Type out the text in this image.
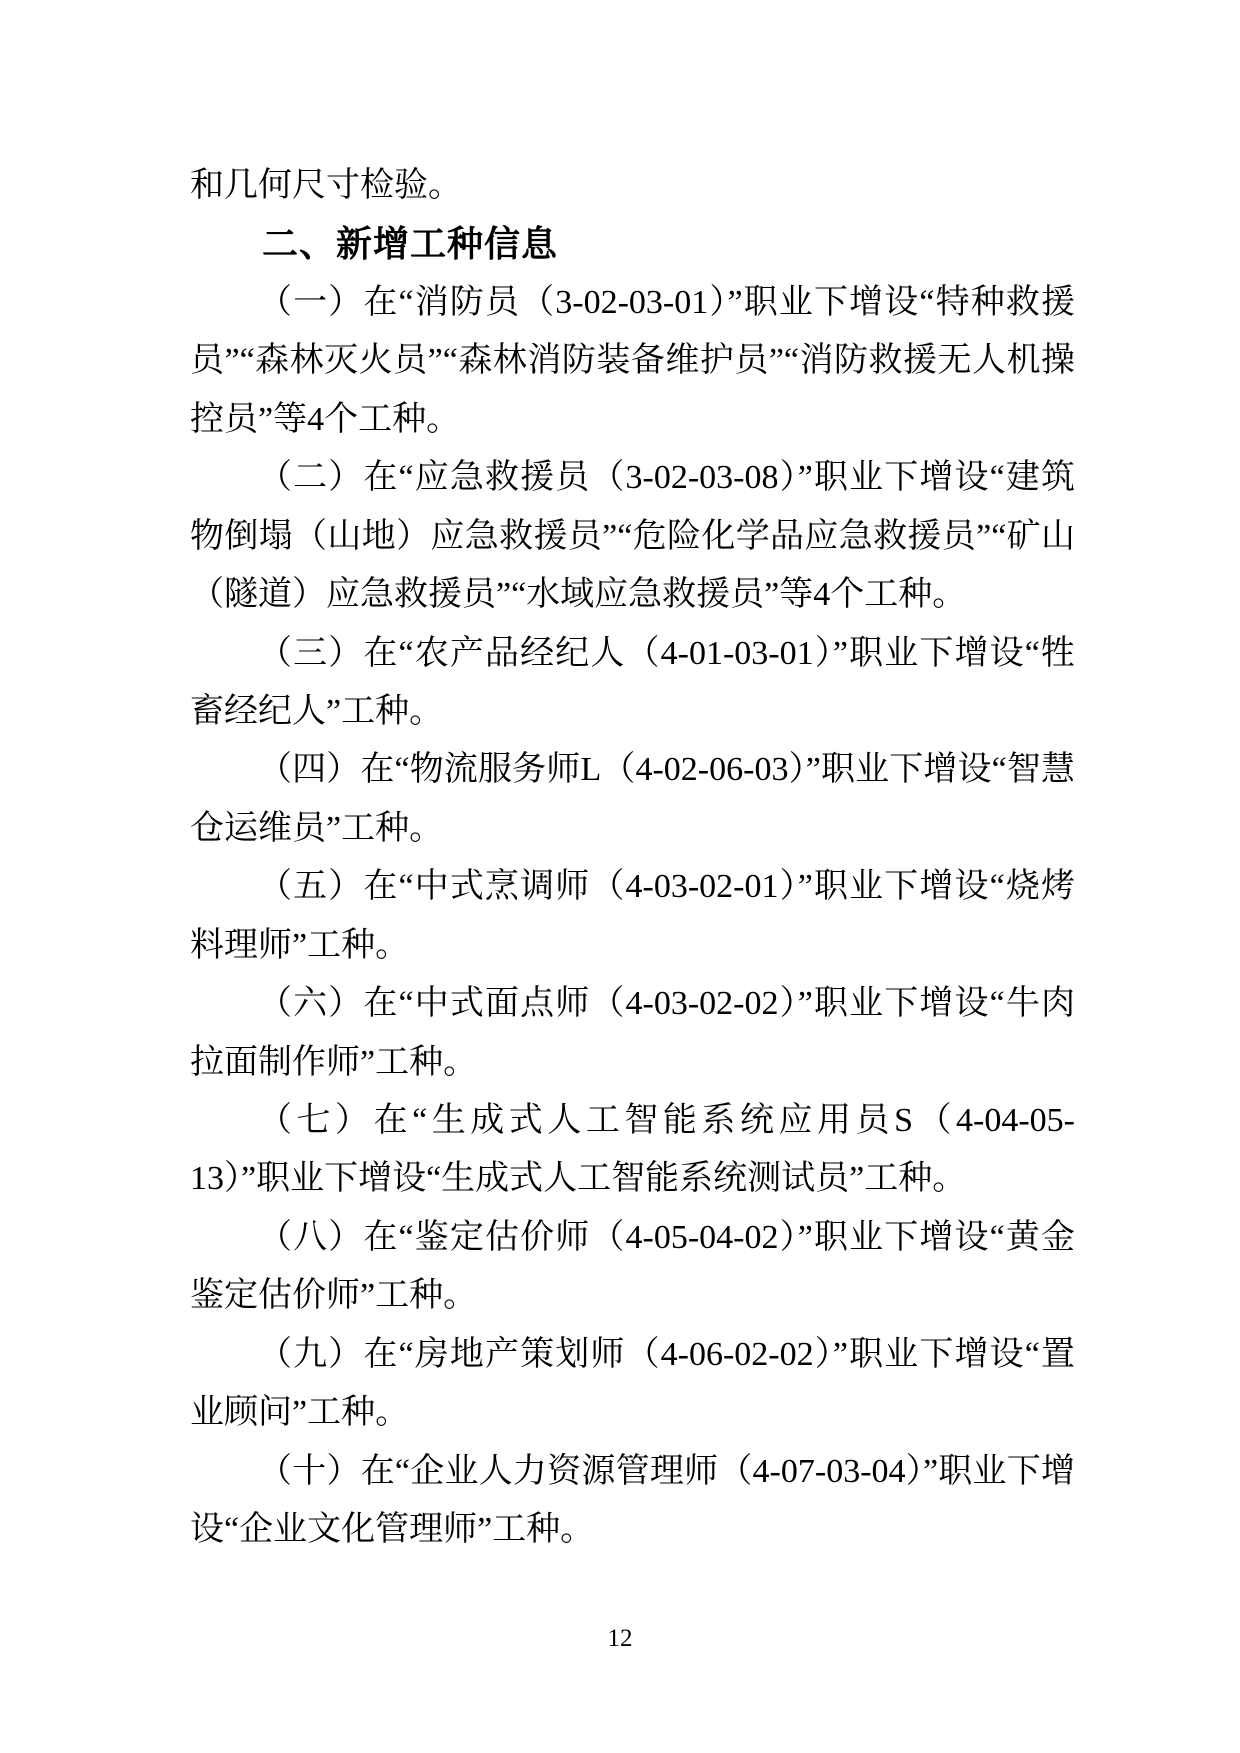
和几何尺寸检验。

二、新增工种信息

（一）在“消防员（3-02-03-01）”职业下增设“特种救援员”“森林灭火员”“森林消防装备维护员”“消防救援无人机操控员”等4个工种。

（二）在“应急救援员（3-02-03-08）”职业下增设“建筑物倒塌（山地）应急救援员”“危险化学品应急救援员”“矿山（隧道）应急救援员”“水域应急救援员”等4个工种。

（三）在“农产品经纪人（4-01-03-01）”职业下增设“牲畜经纪人”工种。

（四）在“物流服务师L（4-02-06-03）”职业下增设“智慧仓运维员”工种。

（五）在“中式烹调师（4-03-02-01）”职业下增设“烧烤料理师”工种。

（六）在“中式面点师（4-03-02-02）”职业下增设“牛肉拉面制作师”工种。

（七）在“生成式人工智能系统应用员S（4-04-05-13）”职业下增设“生成式人工智能系统测试员”工种。

（八）在“鉴定估价师（4-05-04-02）”职业下增设“黄金鉴定估价师”工种。

（九）在“房地产策划师（4-06-02-02）”职业下增设“置业顾问”工种。

（十）在“企业人力资源管理师（4-07-03-04）”职业下增设“企业文化管理师”工种。

12
